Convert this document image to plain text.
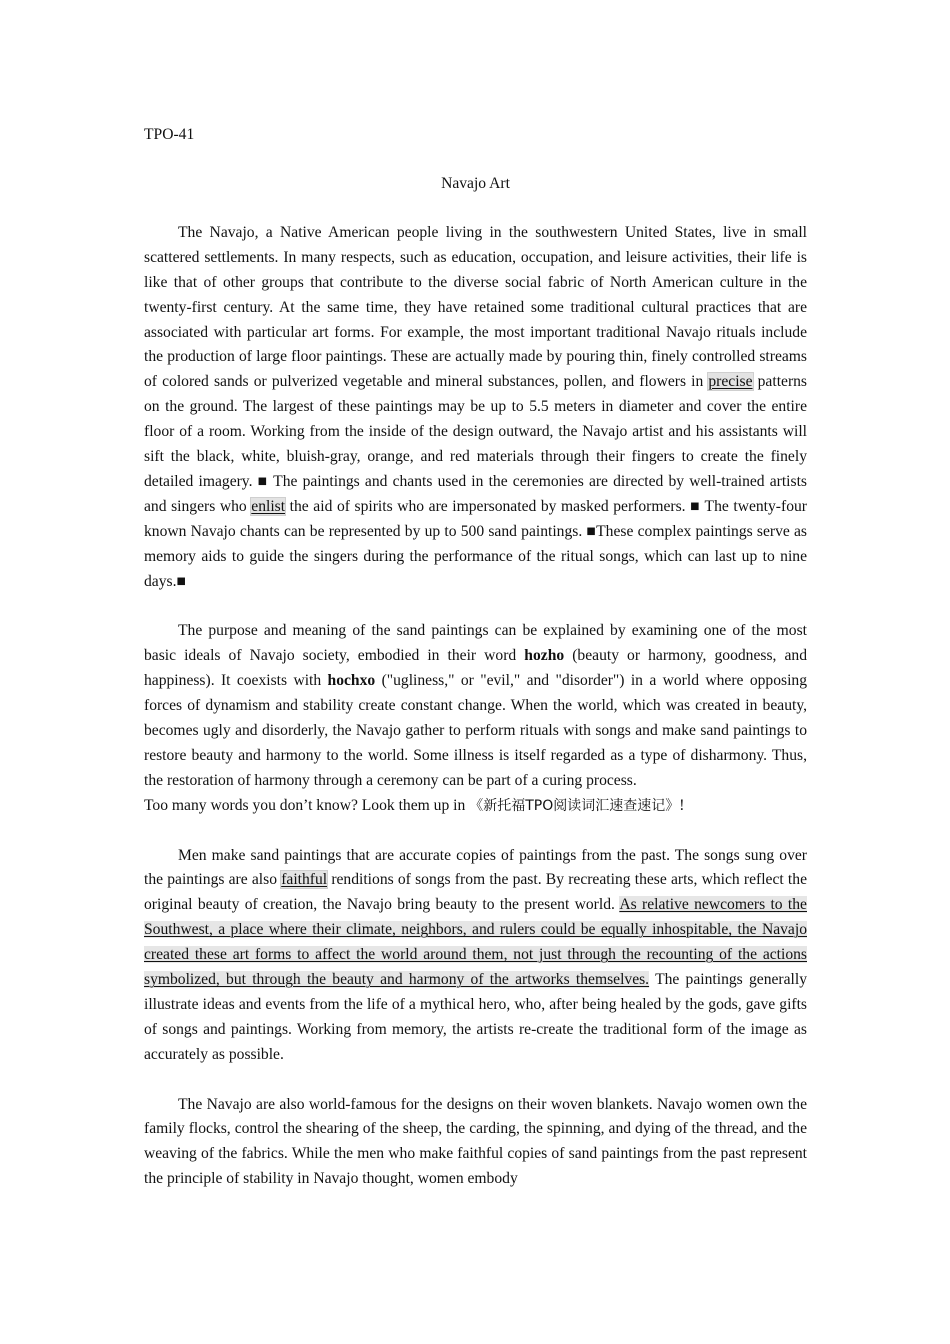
TPO-41
Navajo Art

The Navajo, a Native American people living in the southwestern United States, live in small scattered settlements. In many respects, such as education, occupation, and leisure activities, their life is like that of other groups that contribute to the diverse social fabric of North American culture in the twenty-first century. At the same time, they have retained some traditional cultural practices that are associated with particular art forms. For example, the most important traditional Navajo rituals include the production of large floor paintings. These are actually made by pouring thin, finely controlled streams of colored sands or pulverized vegetable and mineral substances, pollen, and flowers in precise patterns on the ground. The largest of these paintings may be up to 5.5 meters in diameter and cover the entire floor of a room. Working from the inside of the design outward, the Navajo artist and his assistants will sift the black, white, bluish-gray, orange, and red materials through their fingers to create the finely detailed imagery. ■ The paintings and chants used in the ceremonies are directed by well-trained artists and singers who enlist the aid of spirits who are impersonated by masked performers. ■ The twenty-four known Navajo chants can be represented by up to 500 sand paintings. ■These complex paintings serve as memory aids to guide the singers during the performance of the ritual songs, which can last up to nine days.■

The purpose and meaning of the sand paintings can be explained by examining one of the most basic ideals of Navajo society, embodied in their word hozho (beauty or harmony, goodness, and happiness). It coexists with hochxo ("ugliness," or "evil," and "disorder") in a world where opposing forces of dynamism and stability create constant change. When the world, which was created in beauty, becomes ugly and disorderly, the Navajo gather to perform rituals with songs and make sand paintings to restore beauty and harmony to the world. Some illness is itself regarded as a type of disharmony. Thus, the restoration of harmony through a ceremony can be part of a curing process.

Too many words you don’t know? Look them up in 《新托福TPO阅读词汇速查速记》!

Men make sand paintings that are accurate copies of paintings from the past. The songs sung over the paintings are also faithful renditions of songs from the past. By recreating these arts, which reflect the original beauty of creation, the Navajo bring beauty to the present world. As relative newcomers to the Southwest, a place where their climate, neighbors, and rulers could be equally inhospitable, the Navajo created these art forms to affect the world around them, not just through the recounting of the actions symbolized, but through the beauty and harmony of the artworks themselves. The paintings generally illustrate ideas and events from the life of a mythical hero, who, after being healed by the gods, gave gifts of songs and paintings. Working from memory, the artists re-create the traditional form of the image as accurately as possible.

The Navajo are also world-famous for the designs on their woven blankets. Navajo women own the family flocks, control the shearing of the sheep, the carding, the spinning, and dying of the thread, and the weaving of the fabrics. While the men who make faithful copies of sand paintings from the past represent the principle of stability in Navajo thought, women embody
